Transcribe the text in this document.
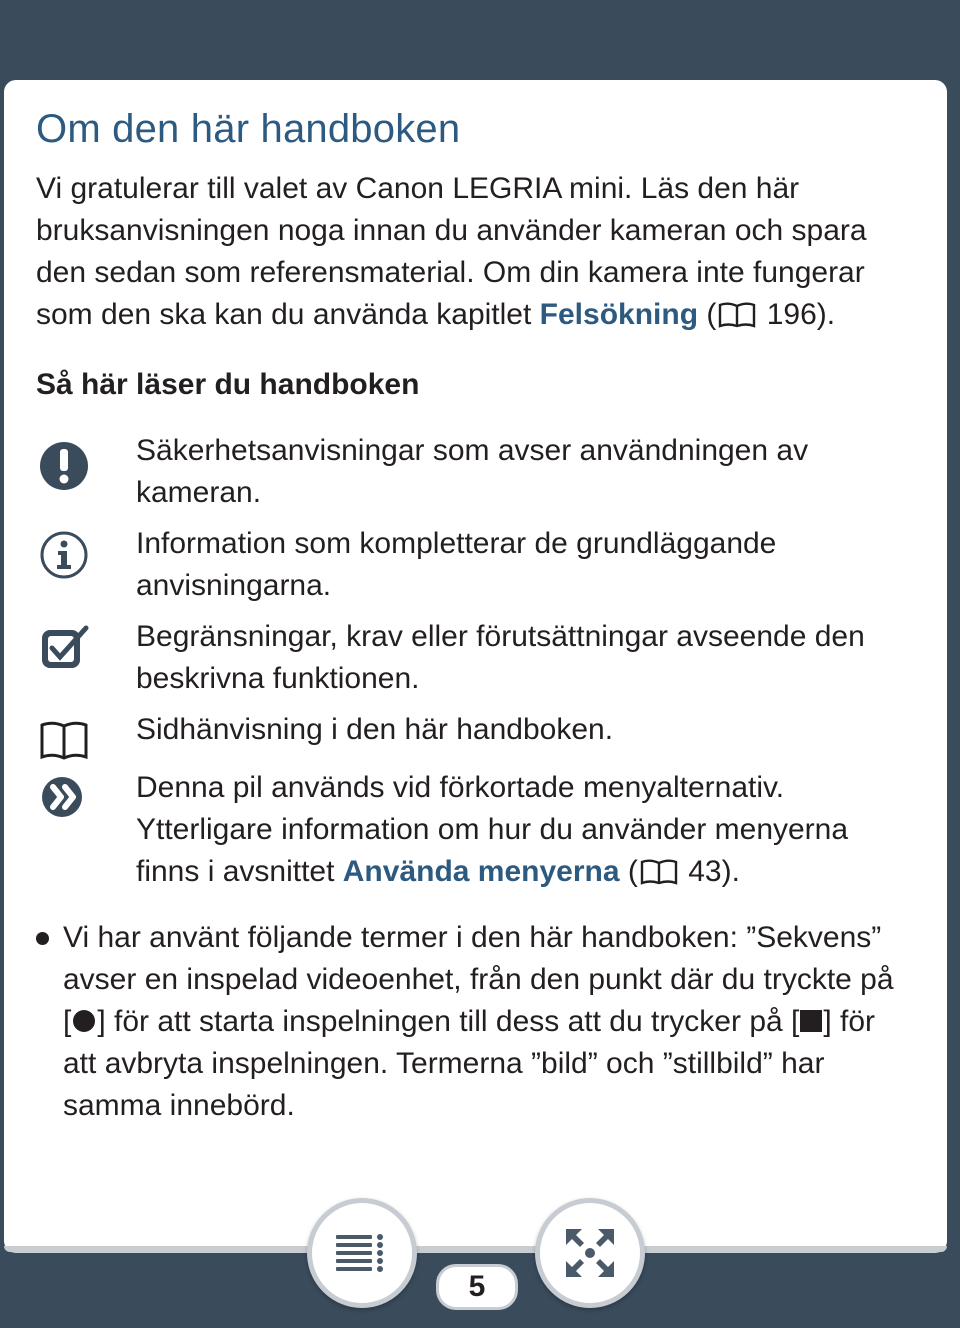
Om den här handboken
Vi gratulerar till valet av Canon LEGRIA mini. Läs den här bruksanvisningen noga innan du använder kameran och spara den sedan som referensmaterial. Om din kamera inte fungerar som den ska kan du använda kapitlet Felsökning ( 196).
Så här läser du handboken
Säkerhetsanvisningar som avser användningen av kameran.
Information som kompletterar de grundläggande anvisningarna.
Begränsningar, krav eller förutsättningar avseende den beskrivna funktionen.
Sidhänvisning i den här handboken.
Denna pil används vid förkortade menyalternativ. Ytterligare information om hur du använder menyerna finns i avsnittet Använda menyerna ( 43).
Vi har använt följande termer i den här handboken: ”Sekvens” avser en inspelad videoenhet, från den punkt där du tryckte på [ ] för att starta inspelningen till dess att du trycker på [ ] för att avbryta inspelningen. Termerna ”bild” och ”stillbild” har samma innebörd.
5
